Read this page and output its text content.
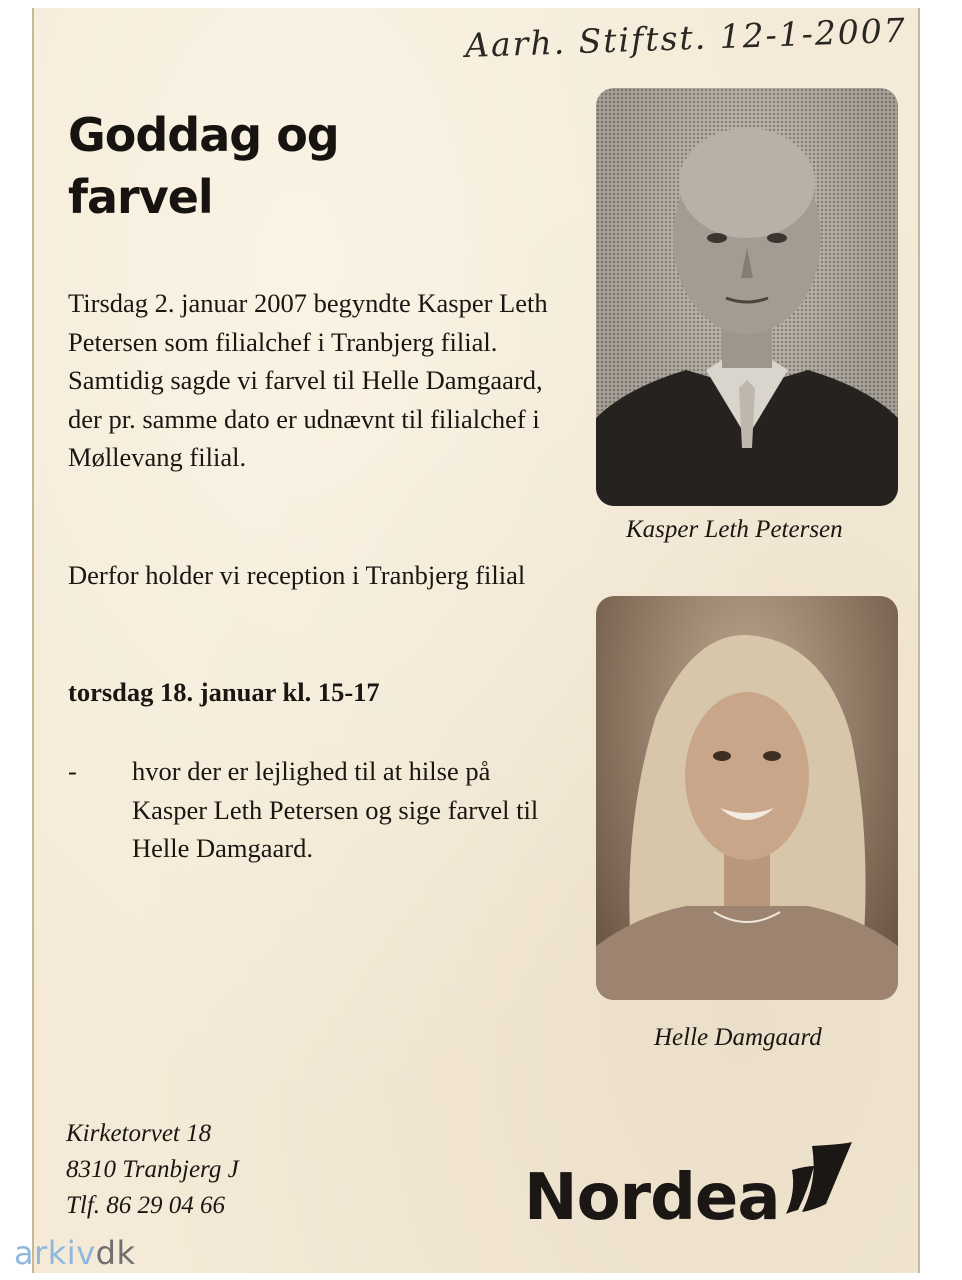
Aarh. Stiftst. 12-1-2007
Goddag og farvel

Tirsdag 2. januar 2007 begyndte Kasper Leth Petersen som filialchef i Tranbjerg filial. Samtidig sagde vi farvel til Helle Damgaard, der pr. samme dato er udnævnt til filialchef i Møllevang filial.

Derfor holder vi reception i Tranbjerg filial

torsdag 18. januar kl. 15-17

- hvor der er lejlighed til at hilse på Kasper Leth Petersen og sige farvel til Helle Damgaard.

Kasper Leth Petersen
Helle Damgaard
Kirketorvet 18
8310 Tranbjerg J
Tlf. 86 29 04 66	Nordea
arkivdk
